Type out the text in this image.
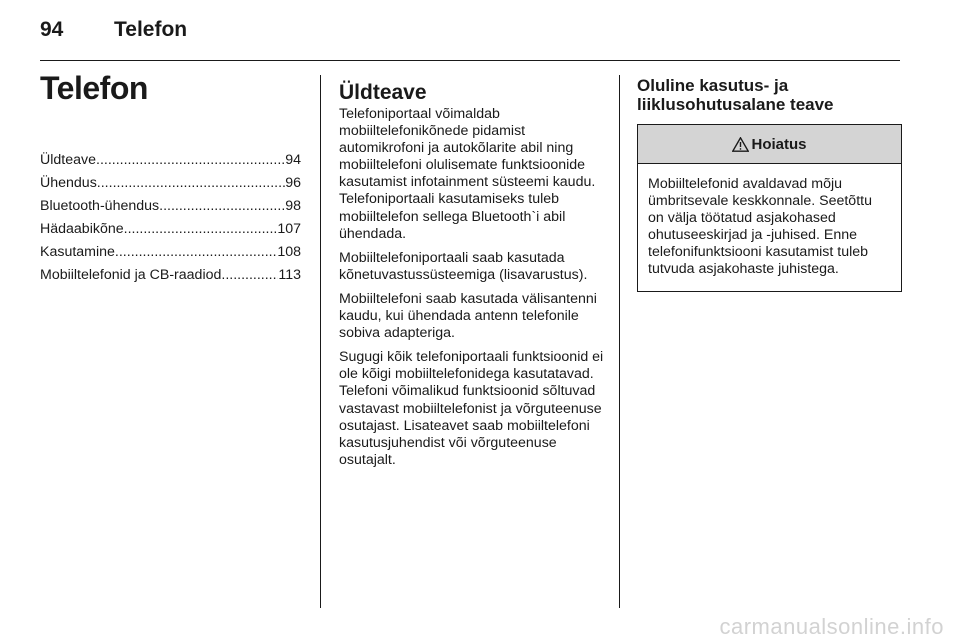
94 Telefon
Telefon
Üldteave .....	94
Ühendus .....	96
Bluetooth-ühendus .....	98
Hädaabikõne .....	107
Kasutamine .....	108
Mobiiltelefonid ja CB-raadiod. .....	113
Üldteave

Telefoniportaal võimaldab mobiiltelefonikõnede pidamist automikrofoni ja autokõlarite abil ning mobiiltelefoni olulisemate funktsioonide kasutamist infotainment süsteemi kaudu. Telefoniportaali kasutamiseks tuleb mobiiltelefon sellega Bluetooth`i abil ühendada.

Mobiiltelefoniportaali saab kasutada kõnetuvastussüsteemiga (lisavarustus).

Mobiiltelefoni saab kasutada välisantenni kaudu, kui ühendada antenn telefonile sobiva adapteriga.

Sugugi kõik telefoniportaali funktsioonid ei ole kõigi mobiiltelefonidega kasutatavad. Telefoni võimalikud funktsioonid sõltuvad vastavast mobiiltelefonist ja võrguteenuse osutajast. Lisateavet saab mobiiltelefoni kasutusjuhendist või võrguteenuse osutajalt.

Oluline kasutus- ja
liiklusohutusalane teave
Hoiatus
Mobiiltelefonid avaldavad mõju ümbritsevale keskkonnale. Seetõttu on välja töötatud asjakohased ohutuseeskirjad ja -juhised. Enne telefonifunktsiooni kasutamist tuleb tutvuda asjakohaste juhistega.
carmanualsonline.info
